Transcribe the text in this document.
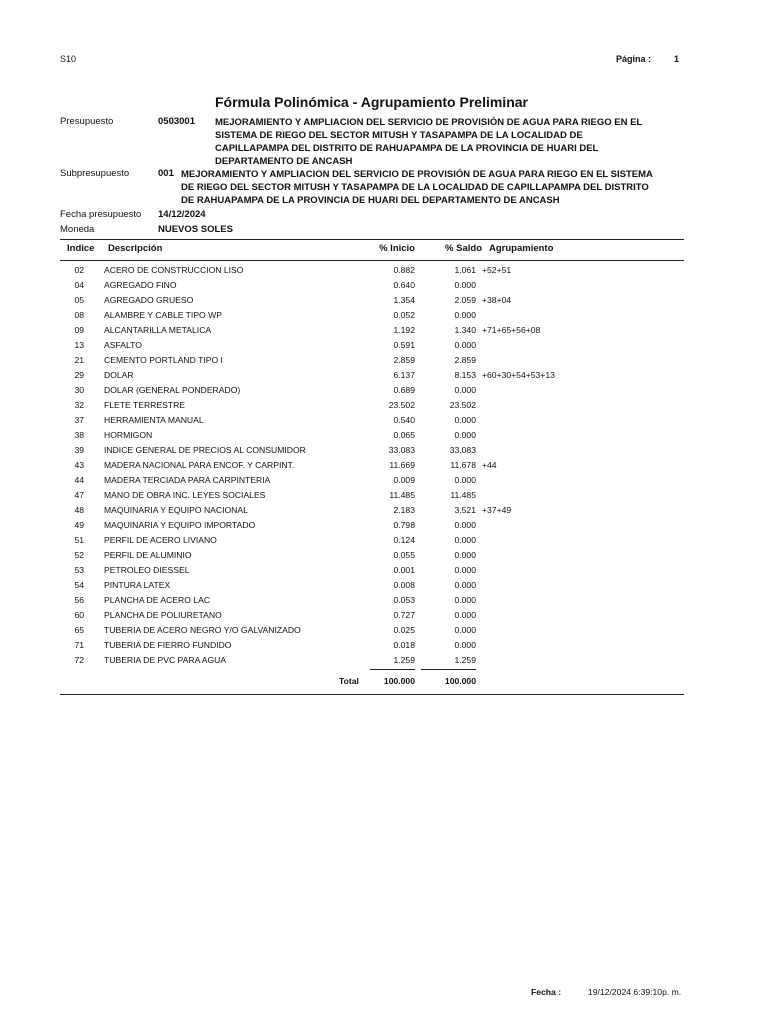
S10	Página :	1
Fórmula Polinómica - Agrupamiento Preliminar
Presupuesto	0503001 MEJORAMIENTO Y AMPLIACION DEL SERVICIO DE PROVISIÓN DE AGUA PARA RIEGO EN EL
SISTEMA DE RIEGO DEL SECTOR MITUSH Y TASAPAMPA DE LA LOCALIDAD DE
CAPILLAPAMPA DEL DISTRITO DE RAHUAPAMPA DE LA PROVINCIA DE HUARI DEL
DEPARTAMENTO DE ANCASH
Subpresupuesto	001 MEJORAMIENTO Y AMPLIACION DEL SERVICIO DE PROVISIÓN DE AGUA PARA RIEGO EN EL SISTEMA
DE RIEGO DEL SECTOR MITUSH Y TASAPAMPA DE LA LOCALIDAD DE CAPILLAPAMPA DEL DISTRITO
DE RAHUAPAMPA DE LA PROVINCIA DE HUARI DEL DEPARTAMENTO DE ANCASH
Fecha presupuesto 14/12/2024
Moneda	NUEVOS SOLES
Indice Descripción	% Inicio	% Saldo Agrupamiento
02 ACERO DE CONSTRUCCION LISO	0.882	1.061 +52+51
04 AGREGADO FINO	0.640	0.000
05 AGREGADO GRUESO	1.354	2.059 +38+04
08 ALAMBRE Y CABLE TIPO WP	0.052	0.000
09 ALCANTARILLA METALICA	1.192	1.340 +71+65+56+08
13 ASFALTO	0.591	0.000
21 CEMENTO PORTLAND TIPO I	2.859	2.859
29 DOLAR	6.137	8.153 +60+30+54+53+13
30 DOLAR (GENERAL PONDERADO)	0.689	0.000
32 FLETE TERRESTRE	23.502	23.502
37 HERRAMIENTA MANUAL	0.540	0.000
38 HORMIGON	0.065	0.000
39 INDICE GENERAL DE PRECIOS AL CONSUMIDOR	33.083	33.083
43 MADERA NACIONAL PARA ENCOF. Y CARPINT.	11.669	11.678 +44
44 MADERA TERCIADA PARA CARPINTERIA	0.009	0.000
47 MANO DE OBRA INC. LEYES SOCIALES	11.485	11.485
48 MAQUINARIA Y EQUIPO NACIONAL	2.183	3.521 +37+49
49 MAQUINARIA Y EQUIPO IMPORTADO	0.798	0.000
51 PERFIL DE ACERO LIVIANO	0.124	0.000
52 PERFIL DE ALUMINIO	0.055	0.000
53 PETROLEO DIESSEL	0.001	0.000
54 PINTURA LATEX	0.008	0.000
56 PLANCHA DE ACERO LAC	0.053	0.000
60 PLANCHA DE POLIURETANO	0.727	0.000
65 TUBERIA DE ACERO NEGRO Y/O GALVANIZADO	0.025	0.000
71 TUBERIA DE FIERRO FUNDIDO	0.018	0.000
72 TUBERIA DE PVC PARA AGUA	1.259	1.259
Total	100.000	100.000
Fecha :	19/12/2024 6:39:10p. m.
